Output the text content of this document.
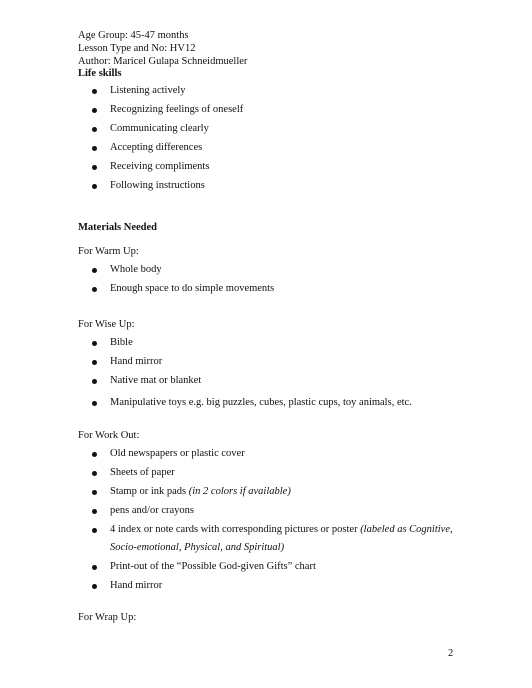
Age Group: 45-47 months
Lesson Type and No: HV12
Author: Maricel Gulapa Schneidmueller
Life skills
Listening actively
Recognizing feelings of oneself
Communicating clearly
Accepting differences
Receiving compliments
Following instructions
Materials Needed
For Warm Up:
Whole body
Enough space to do simple movements
For Wise Up:
Bible
Hand mirror
Native mat or blanket
Manipulative toys e.g. big puzzles, cubes, plastic cups, toy animals, etc.
For Work Out:
Old newspapers or plastic cover
Sheets of paper
Stamp or ink pads (in 2 colors if available)
pens and/or crayons
4 index or note cards with corresponding pictures or poster (labeled as Cognitive,
Socio-emotional, Physical, and Spiritual)
Print-out of the “Possible God-given Gifts” chart
Hand mirror
For Wrap Up:
2
